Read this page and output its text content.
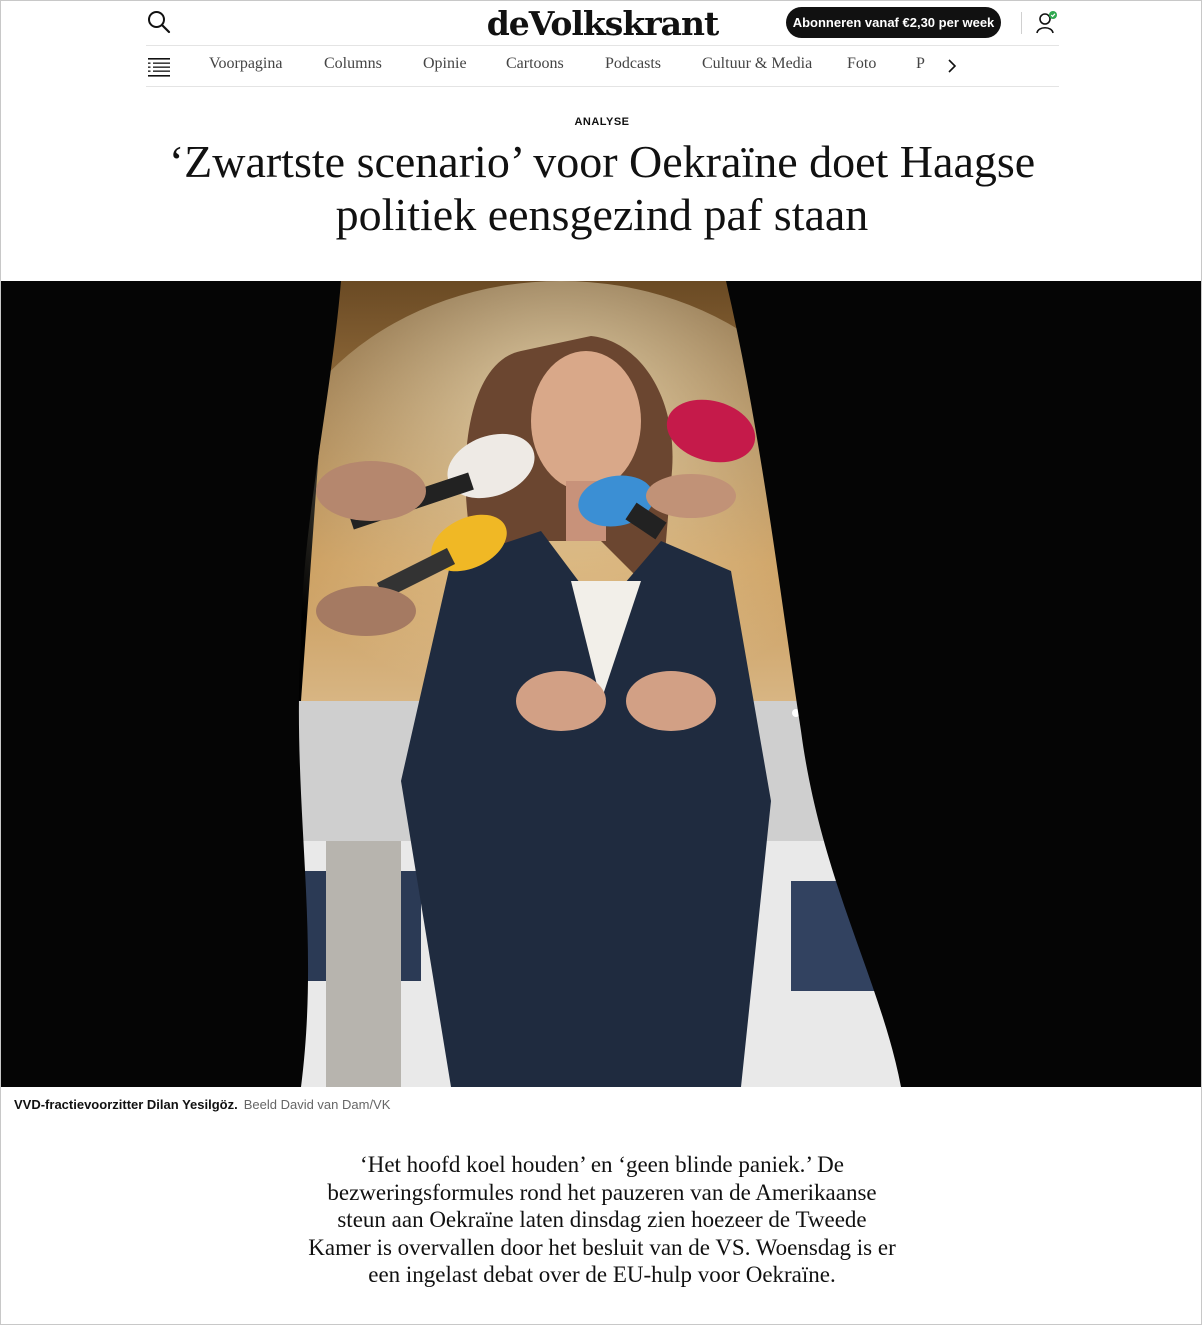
deVolkskrant	Abonneren vanaf €2,30 per week
Voorpagina	Columns	Opinie Cartoons	Podcasts	Cultuur & Media Foto P
ANALYSE
‘Zwartste scenario’ voor Oekraïne doet Haagse politiek eensgezind paf staan
VVD-fractievoorzitter Dilan Yesilgöz. Beeld David van Dam/VK

‘Het hoofd koel houden’ en ‘geen blinde paniek.’ De bezweringsformules rond het pauzeren van de Amerikaanse steun aan Oekraïne laten dinsdag zien hoezeer de Tweede Kamer is overvallen door het besluit van de VS. Woensdag is er een ingelast debat over de EU-hulp voor Oekraïne.
